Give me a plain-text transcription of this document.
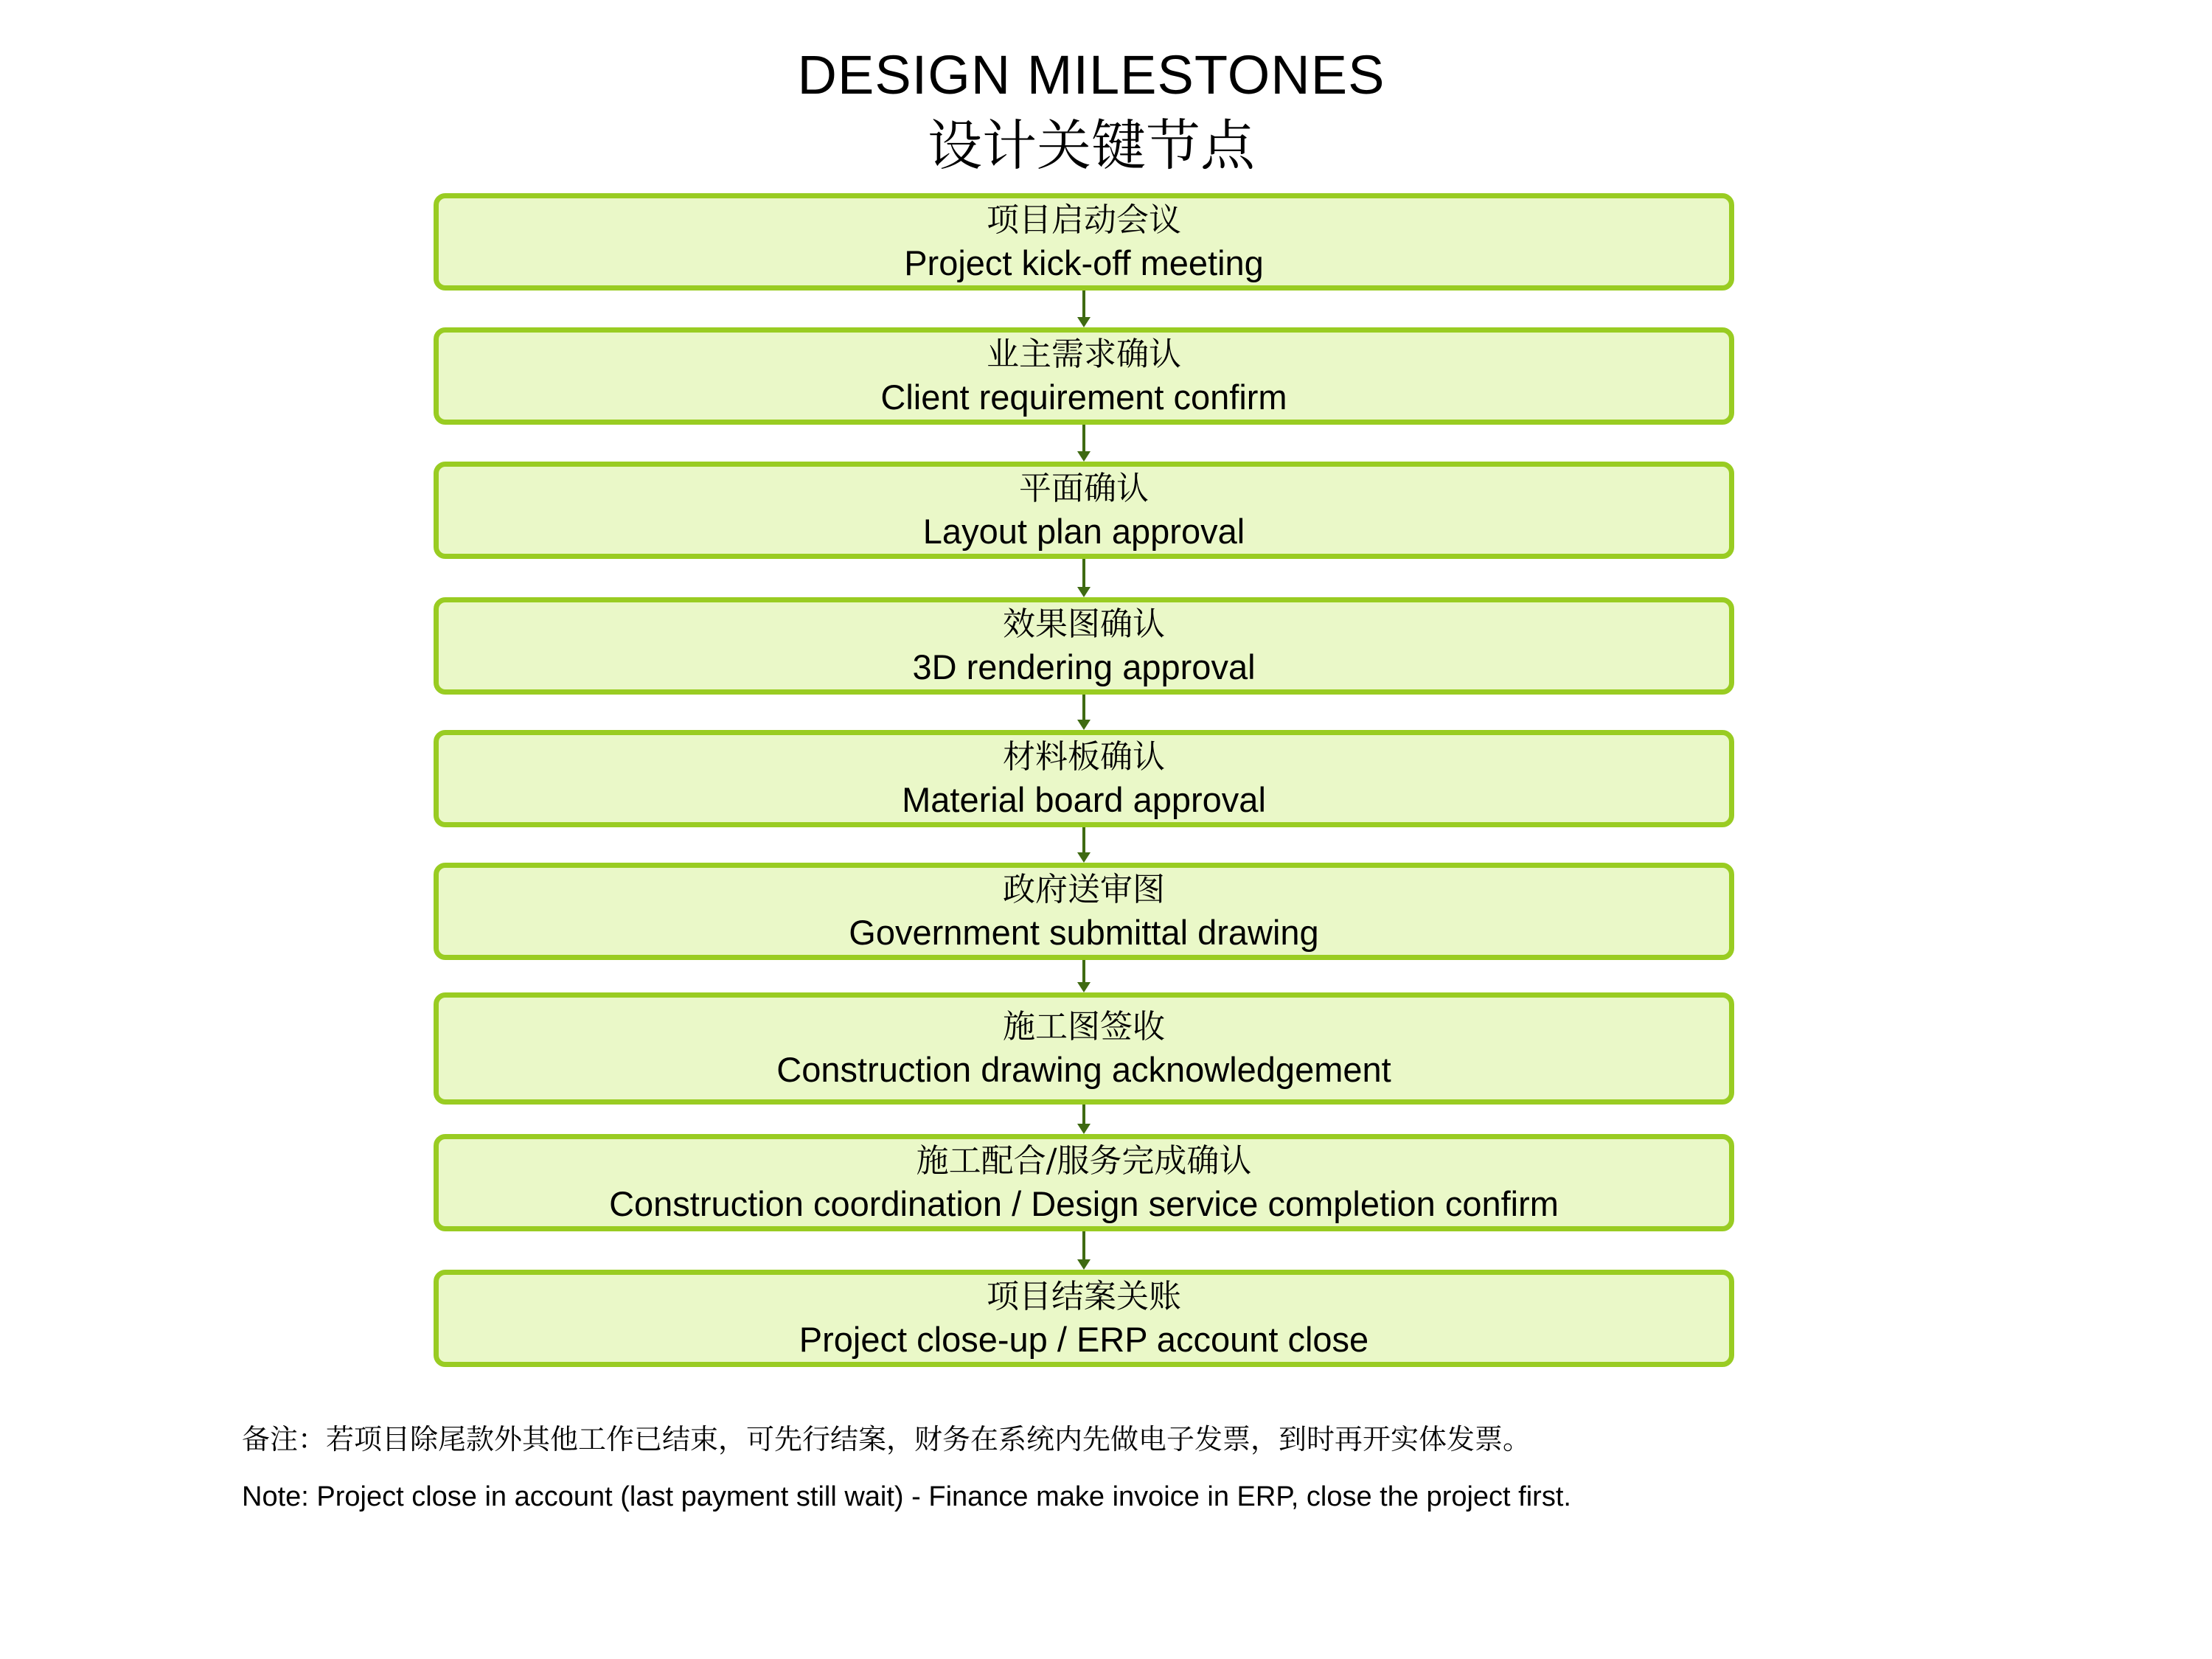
DESIGN MILESTONES
设计关键节点
项目启动会议
Project kick-off meeting
业主需求确认
Client requirement confirm
平面确认
Layout plan approval
效果图确认
3D rendering approval
材料板确认
Material board approval
政府送审图
Government submittal drawing
施工图签收
Construction drawing acknowledgement
施工配合/服务完成确认
Construction coordination / Design service completion confirm
项目结案关账
Project close-up / ERP account close
备注：若项目除尾款外其他工作已结束，可先行结案，财务在系统内先做电子发票，到时再开实体发票。
Note: Project close in account (last payment still wait) - Finance make invoice in ERP, close the project first.
